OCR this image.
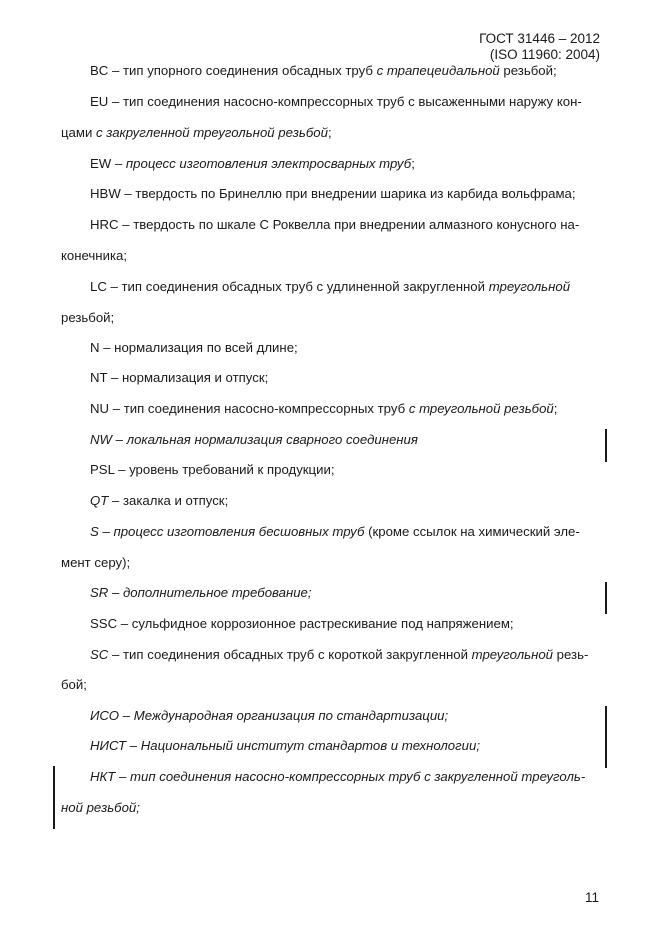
ГОСТ 31446 – 2012
(ISO 11960: 2004)
BC – тип упорного соединения обсадных труб с трапецеидальной резьбой;
EU – тип соединения насосно-компрессорных труб с высаженными наружу кон-
цами с закругленной треугольной резьбой;
EW – процесс изготовления электросварных труб;
HBW – твердость по Бринеллю при внедрении шарика из карбида вольфрама;
HRC – твердость по шкале C Роквелла при внедрении алмазного конусного на-
конечника;
LC – тип соединения обсадных труб с удлиненной закругленной треугольной
резьбой;
N – нормализация по всей длине;
NT – нормализация и отпуск;
NU – тип соединения насосно-компрессорных труб с треугольной резьбой;
NW – локальная нормализация сварного соединения
PSL – уровень требований к продукции;
QT – закалка и отпуск;
S – процесс изготовления бесшовных труб (кроме ссылок на химический эле-
мент серу);
SR – дополнительное требование;
SSC – сульфидное коррозионное растрескивание под напряжением;
SC – тип соединения обсадных труб с короткой закругленной треугольной резь-
бой;
ИСО – Международная организация по стандартизации;
НИСТ – Национальный институт стандартов и технологии;
НКТ – тип соединения насосно-компрессорных труб с закругленной треуголь-
ной резьбой;
11
